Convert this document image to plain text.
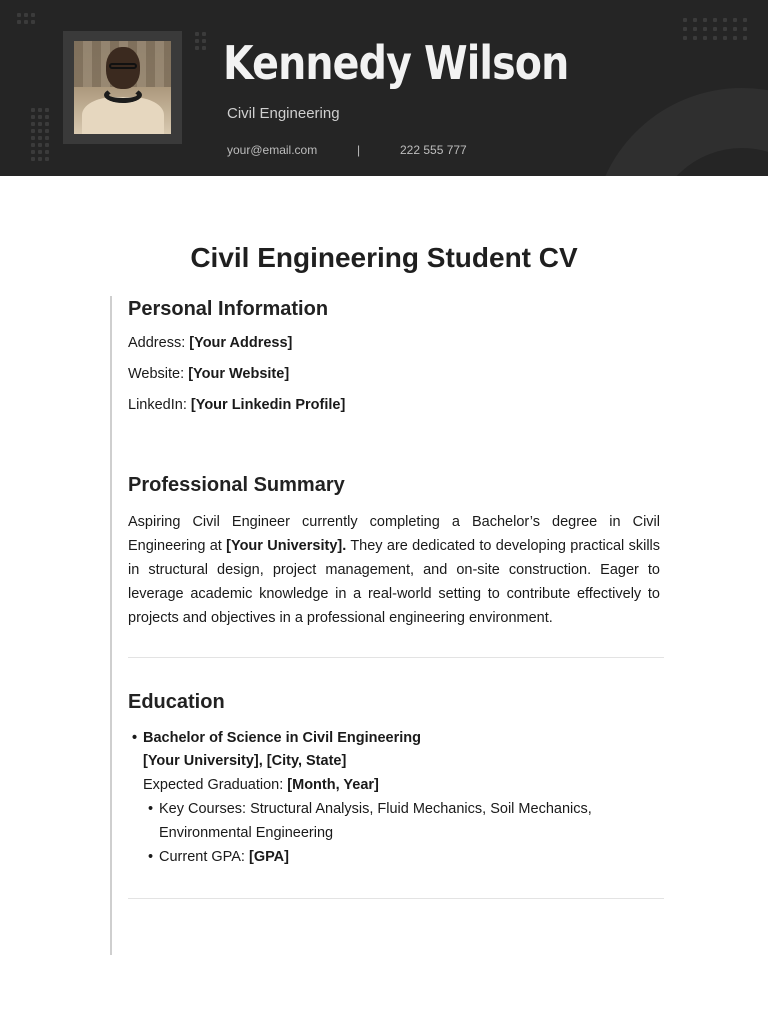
Kennedy Wilson
Civil Engineering
your@email.com	|	222 555 777
Civil Engineering Student CV
Personal Information
Address: [Your Address]
Website: [Your Website]
LinkedIn: [Your Linkedin Profile]
Professional Summary
Aspiring Civil Engineer currently completing a Bachelor’s degree in Civil Engineering at [Your University]. They are dedicated to developing practical skills in structural design, project management, and on-site construction. Eager to leverage academic knowledge in a real-world setting to contribute effectively to projects and objectives in a professional engineering environment.
Education
• Bachelor of Science in Civil Engineering
[Your University], [City, State]
Expected Graduation: [Month, Year]
• Key Courses: Structural Analysis, Fluid Mechanics, Soil Mechanics,
Environmental Engineering
• Current GPA: [GPA]
